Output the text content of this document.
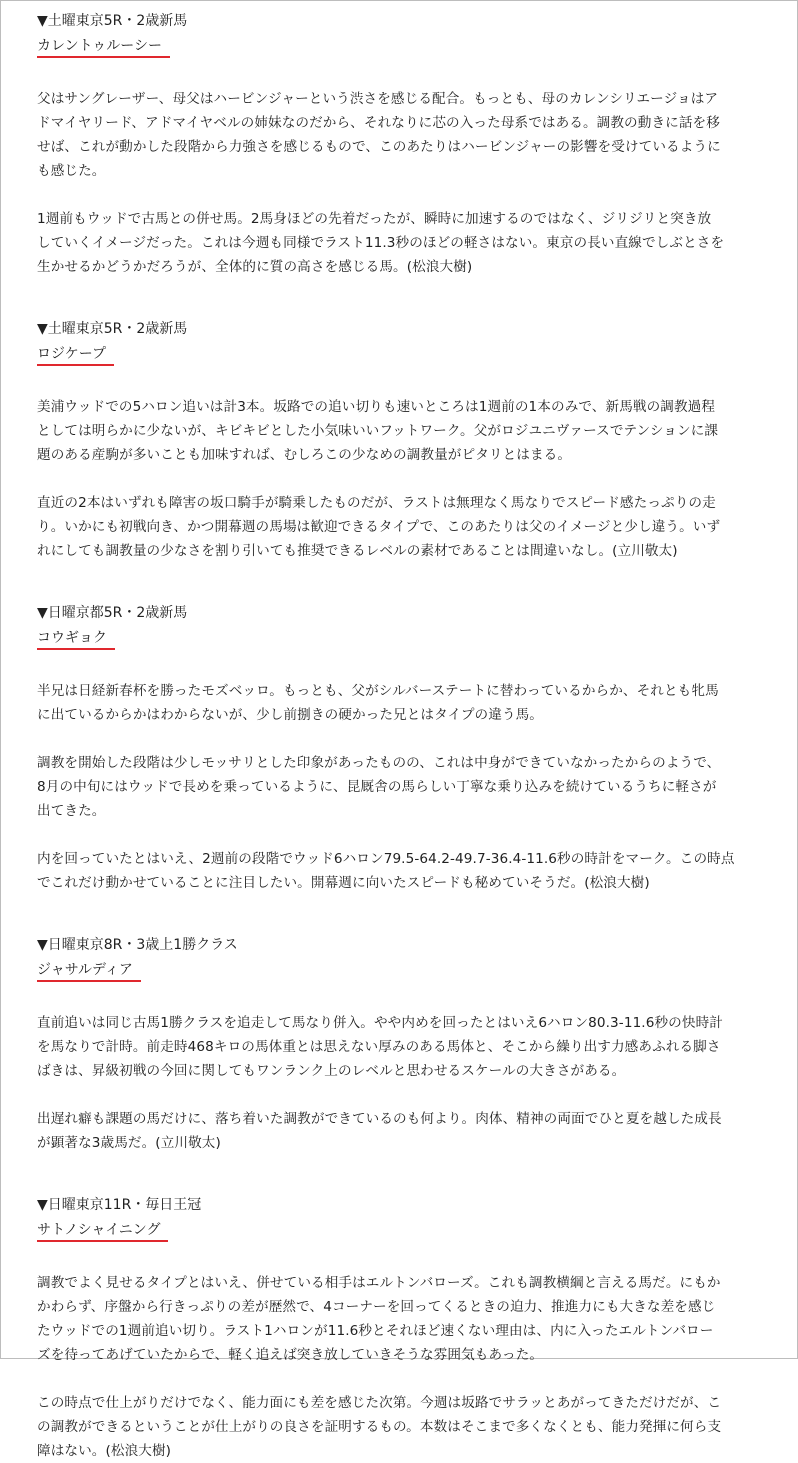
▼土曜東京5R・2歳新馬

カレントゥルーシー

父はサングレーザー、母父はハービンジャーという渋さを感じる配合。もっとも、母のカレンシリエージョはア

ドマイヤリード、アドマイヤベルの姉妹なのだから、それなりに芯の入った母系ではある。調教の動きに話を移

せば、これが動かした段階から力強さを感じるもので、このあたりはハービンジャーの影響を受けているように

も感じた。

1週前もウッドで古馬との併せ馬。2馬身ほどの先着だったが、瞬時に加速するのではなく、ジリジリと突き放

していくイメージだった。これは今週も同様でラスト11.3秒のほどの軽さはない。東京の長い直線でしぶとさを

生かせるかどうかだろうが、全体的に質の高さを感じる馬。(松浪大樹)

▼土曜東京5R・2歳新馬

ロジケープ

美浦ウッドでの5ハロン追いは計3本。坂路での追い切りも速いところは1週前の1本のみで、新馬戦の調教過程

としては明らかに少ないが、キビキビとした小気味いいフットワーク。父がロジユニヴァースでテンションに課

題のある産駒が多いことも加味すれば、むしろこの少なめの調教量がピタリとはまる。

直近の2本はいずれも障害の坂口騎手が騎乗したものだが、ラストは無理なく馬なりでスピード感たっぷりの走

り。いかにも初戦向き、かつ開幕週の馬場は歓迎できるタイプで、このあたりは父のイメージと少し違う。いず

れにしても調教量の少なさを割り引いても推奨できるレベルの素材であることは間違いなし。(立川敬太)

▼日曜京都5R・2歳新馬

コウギョク

半兄は日経新春杯を勝ったモズベッロ。もっとも、父がシルバーステートに替わっているからか、それとも牝馬

に出ているからかはわからないが、少し前捌きの硬かった兄とはタイプの違う馬。

調教を開始した段階は少しモッサリとした印象があったものの、これは中身ができていなかったからのようで、

8月の中旬にはウッドで長めを乗っているように、昆厩舎の馬らしい丁寧な乗り込みを続けているうちに軽さが

出てきた。

内を回っていたとはいえ、2週前の段階でウッド6ハロン79.5-64.2-49.7-36.4-11.6秒の時計をマーク。この時点

でこれだけ動かせていることに注目したい。開幕週に向いたスピードも秘めていそうだ。(松浪大樹)

▼日曜東京8R・3歳上1勝クラス

ジャサルディア

直前追いは同じ古馬1勝クラスを追走して馬なり併入。やや内めを回ったとはいえ6ハロン80.3-11.6秒の快時計

を馬なりで計時。前走時468キロの馬体重とは思えない厚みのある馬体と、そこから繰り出す力感あふれる脚さ

ばきは、昇級初戦の今回に関してもワンランク上のレベルと思わせるスケールの大きさがある。

出遅れ癖も課題の馬だけに、落ち着いた調教ができているのも何より。肉体、精神の両面でひと夏を越した成長

が顕著な3歳馬だ。(立川敬太)

▼日曜東京11R・毎日王冠

サトノシャイニング

調教でよく見せるタイプとはいえ、併せている相手はエルトンバローズ。これも調教横綱と言える馬だ。にもか

かわらず、序盤から行きっぷりの差が歴然で、4コーナーを回ってくるときの迫力、推進力にも大きな差を感じ

たウッドでの1週前追い切り。ラスト1ハロンが11.6秒とそれほど速くない理由は、内に入ったエルトンバロー

ズを待ってあげていたからで、軽く追えば突き放していきそうな雰囲気もあった。

この時点で仕上がりだけでなく、能力面にも差を感じた次第。今週は坂路でサラッとあがってきただけだが、こ

の調教ができるということが仕上がりの良さを証明するもの。本数はそこまで多くなくとも、能力発揮に何ら支

障はない。(松浪大樹)
